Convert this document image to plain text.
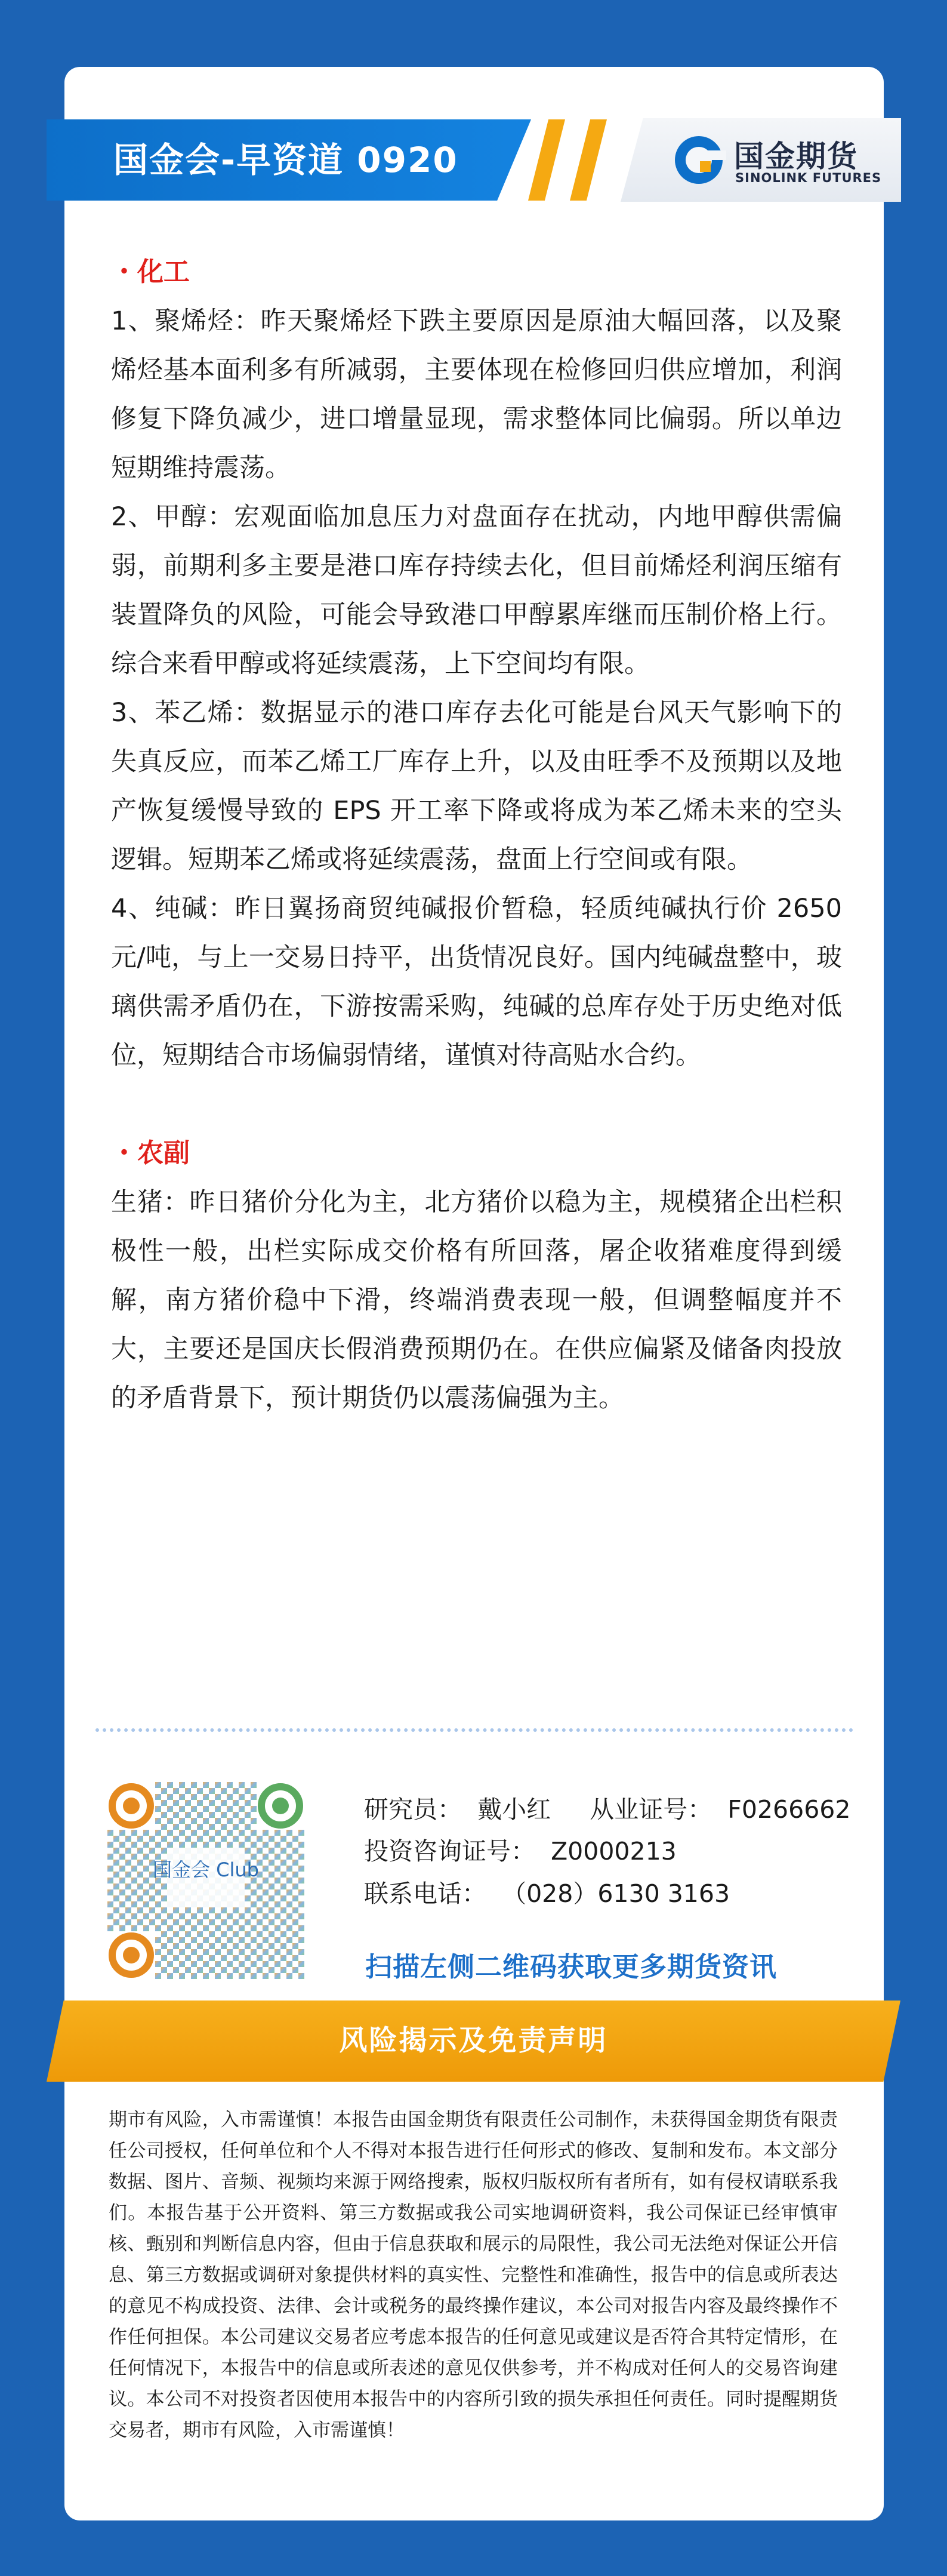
国金会-早资道 0920	国金期货
SINOLINK FUTURES

・化工

1、聚烯烃：昨天聚烯烃下跌主要原因是原油大幅回落，以及聚烯烃基本面利多有所减弱，主要体现在检修回归供应增加，利润修复下降负减少，进口增量显现，需求整体同比偏弱。所以单边短期维持震荡。

2、甲醇：宏观面临加息压力对盘面存在扰动，内地甲醇供需偏弱，前期利多主要是港口库存持续去化，但目前烯烃利润压缩有装置降负的风险，可能会导致港口甲醇累库继而压制价格上行。综合来看甲醇或将延续震荡，上下空间均有限。

3、苯乙烯：数据显示的港口库存去化可能是台风天气影响下的失真反应，而苯乙烯工厂库存上升，以及由旺季不及预期以及地产恢复缓慢导致的 EPS 开工率下降或将成为苯乙烯未来的空头逻辑。短期苯乙烯或将延续震荡，盘面上行空间或有限。

4、纯碱：昨日翼扬商贸纯碱报价暂稳，轻质纯碱执行价 2650 元/吨，与上一交易日持平，出货情况良好。国内纯碱盘整中，玻璃供需矛盾仍在，下游按需采购，纯碱的总库存处于历史绝对低位，短期结合市场偏弱情绪，谨慎对待高贴水合约。

・农副

生猪：昨日猪价分化为主，北方猪价以稳为主，规模猪企出栏积极性一般，出栏实际成交价格有所回落，屠企收猪难度得到缓解，南方猪价稳中下滑，终端消费表现一般，但调整幅度并不大，主要还是国庆长假消费预期仍在。在供应偏紧及储备肉投放的矛盾背景下，预计期货仍以震荡偏强为主。

国金会 Club
研究员：  戴小红     从业证号：  F0266662
投资咨询证号：  Z0000213
联系电话：  （028）6130 3163
扫描左侧二维码获取更多期货资讯
风险揭示及免责声明
期市有风险，入市需谨慎！本报告由国金期货有限责任公司制作，未获得国金期货有限责任公司授权，任何单位和个人不得对本报告进行任何形式的修改、复制和发布。本文部分数据、图片、音频、视频均来源于网络搜索，版权归版权所有者所有，如有侵权请联系我们。本报告基于公开资料、第三方数据或我公司实地调研资料，我公司保证已经审慎审核、甄别和判断信息内容，但由于信息获取和展示的局限性，我公司无法绝对保证公开信息、第三方数据或调研对象提供材料的真实性、完整性和准确性，报告中的信息或所表达的意见不构成投资、法律、会计或税务的最终操作建议，本公司对报告内容及最终操作不作任何担保。本公司建议交易者应考虑本报告的任何意见或建议是否符合其特定情形，在任何情况下，本报告中的信息或所表述的意见仅供参考，并不构成对任何人的交易咨询建议。本公司不对投资者因使用本报告中的内容所引致的损失承担任何责任。同时提醒期货交易者，期市有风险，入市需谨慎！
